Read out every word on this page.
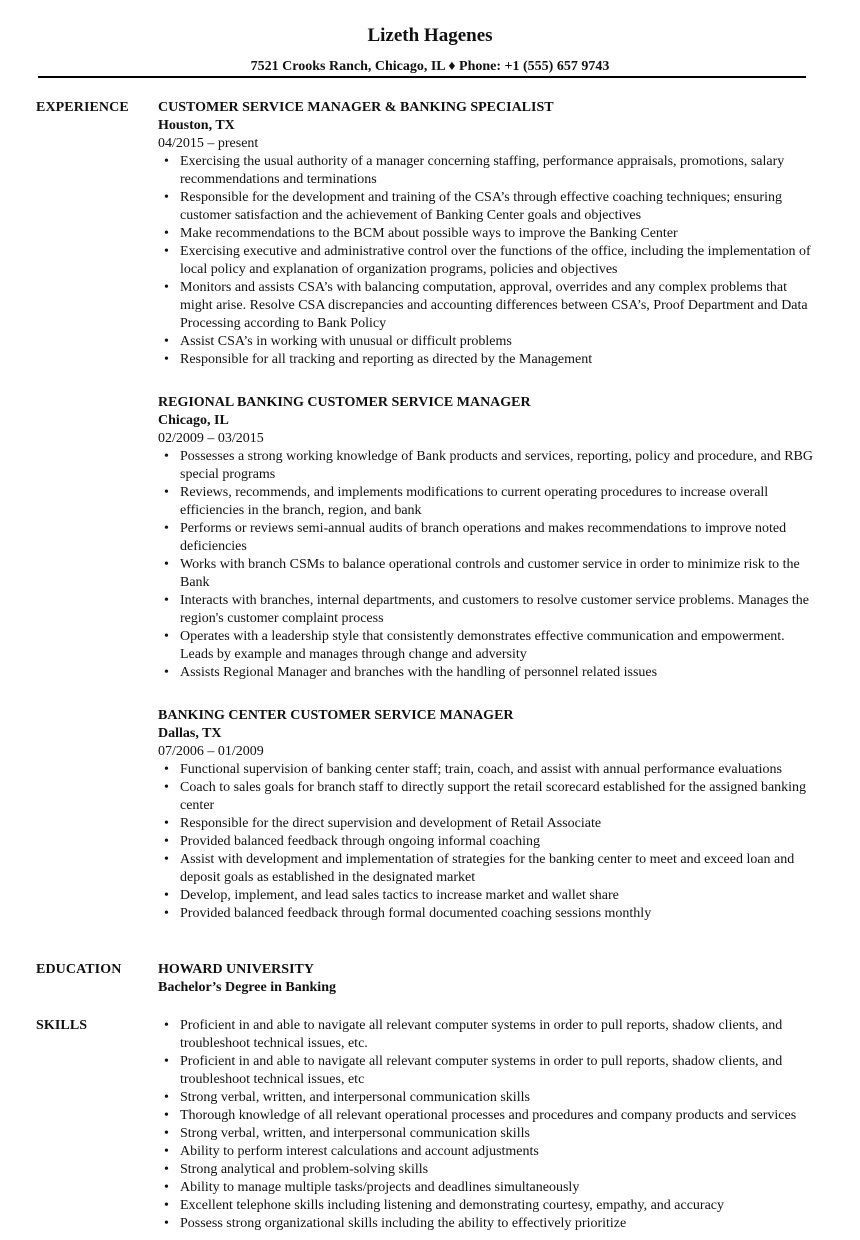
Lizeth Hagenes
7521 Crooks Ranch, Chicago, IL ♦ Phone: +1 (555) 657 9743
EXPERIENCE CUSTOMER SERVICE MANAGER & BANKING SPECIALIST
Houston, TX
04/2015 – present
• Exercising the usual authority of a manager concerning staffing, performance appraisals, promotions, salary recommendations and terminations
• Responsible for the development and training of the CSA’s through effective coaching techniques; ensuring customer satisfaction and the achievement of Banking Center goals and objectives
• Make recommendations to the BCM about possible ways to improve the Banking Center
• Exercising executive and administrative control over the functions of the office, including the implementation of local policy and explanation of organization programs, policies and objectives
• Monitors and assists CSA’s with balancing computation, approval, overrides and any complex problems that might arise. Resolve CSA discrepancies and accounting differences between CSA’s, Proof Department and Data Processing according to Bank Policy
• Assist CSA’s in working with unusual or difficult problems
• Responsible for all tracking and reporting as directed by the Management
REGIONAL BANKING CUSTOMER SERVICE MANAGER
Chicago, IL
02/2009 – 03/2015
• Possesses a strong working knowledge of Bank products and services, reporting, policy and procedure, and RBG special programs
• Reviews, recommends, and implements modifications to current operating procedures to increase overall efficiencies in the branch, region, and bank
• Performs or reviews semi-annual audits of branch operations and makes recommendations to improve noted deficiencies
• Works with branch CSMs to balance operational controls and customer service in order to minimize risk to the Bank
• Interacts with branches, internal departments, and customers to resolve customer service problems. Manages the region's customer complaint process
• Operates with a leadership style that consistently demonstrates effective communication and empowerment. Leads by example and manages through change and adversity
• Assists Regional Manager and branches with the handling of personnel related issues
BANKING CENTER CUSTOMER SERVICE MANAGER
Dallas, TX
07/2006 – 01/2009
• Functional supervision of banking center staff; train, coach, and assist with annual performance evaluations
• Coach to sales goals for branch staff to directly support the retail scorecard established for the assigned banking center
• Responsible for the direct supervision and development of Retail Associate
• Provided balanced feedback through ongoing informal coaching
• Assist with development and implementation of strategies for the banking center to meet and exceed loan and deposit goals as established in the designated market
• Develop, implement, and lead sales tactics to increase market and wallet share
• Provided balanced feedback through formal documented coaching sessions monthly
EDUCATION	HOWARD UNIVERSITY
Bachelor’s Degree in Banking
SKILLS	• Proficient in and able to navigate all relevant computer systems in order to pull reports, shadow clients, and troubleshoot technical issues, etc.
• Proficient in and able to navigate all relevant computer systems in order to pull reports, shadow clients, and troubleshoot technical issues, etc
• Strong verbal, written, and interpersonal communication skills
• Thorough knowledge of all relevant operational processes and procedures and company products and services
• Strong verbal, written, and interpersonal communication skills
• Ability to perform interest calculations and account adjustments
• Strong analytical and problem-solving skills
• Ability to manage multiple tasks/projects and deadlines simultaneously
• Excellent telephone skills including listening and demonstrating courtesy, empathy, and accuracy
• Possess strong organizational skills including the ability to effectively prioritize
